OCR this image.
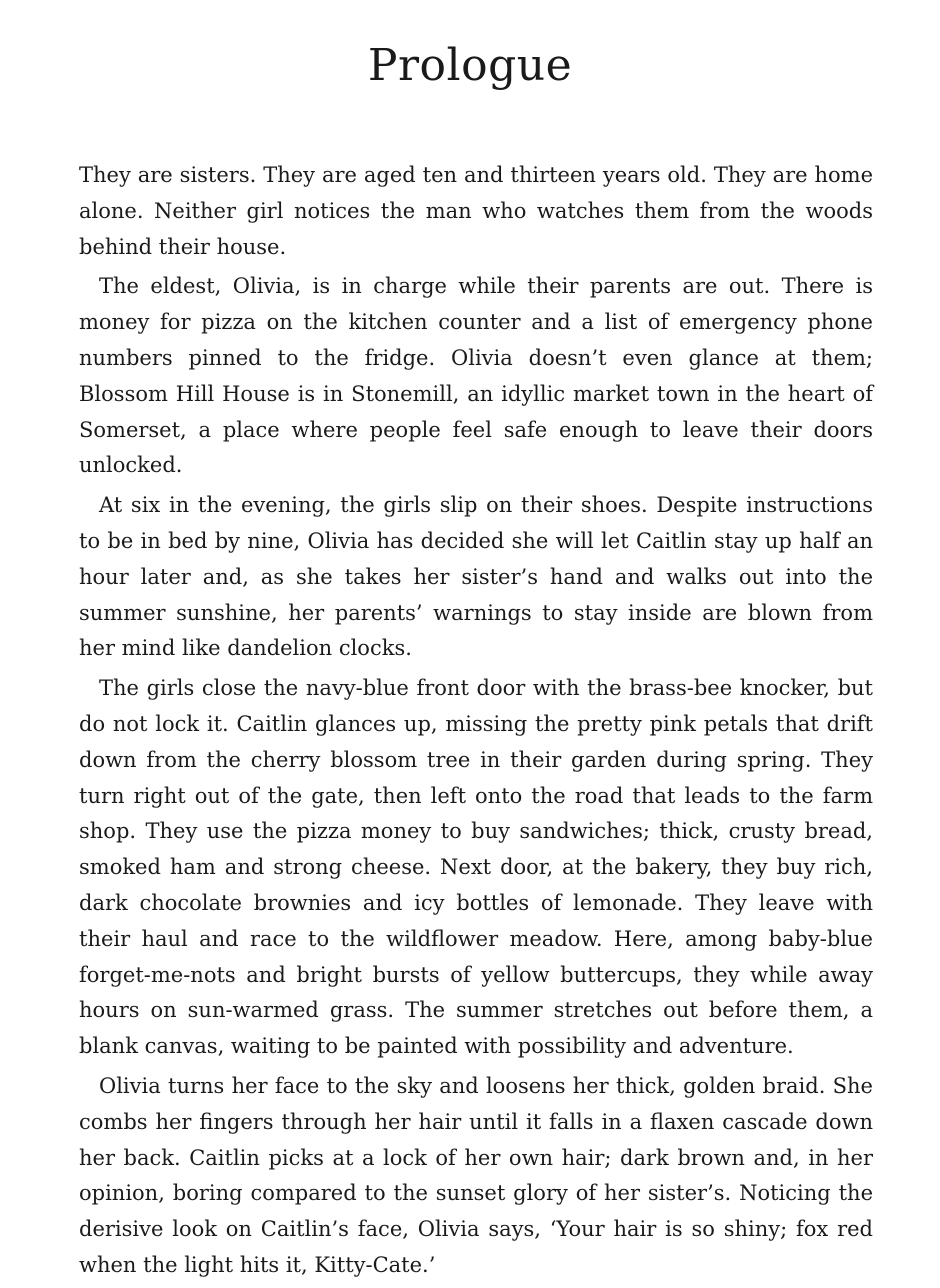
Prologue

They are sisters. They are aged ten and thirteen years old. They are home alone. Neither girl notices the man who watches them from the woods behind their house.

The eldest, Olivia, is in charge while their parents are out. There is money for pizza on the kitchen counter and a list of emergency phone numbers pinned to the fridge. Olivia doesn’t even glance at them; Blossom Hill House is in Stonemill, an idyllic market town in the heart of Somerset, a place where people feel safe enough to leave their doors unlocked.

At six in the evening, the girls slip on their shoes. Despite instructions to be in bed by nine, Olivia has decided she will let Caitlin stay up half an hour later and, as she takes her sister’s hand and walks out into the summer sunshine, her parents’ warnings to stay inside are blown from her mind like dandelion clocks.

The girls close the navy-blue front door with the brass-bee knocker, but do not lock it. Caitlin glances up, missing the pretty pink petals that drift down from the cherry blossom tree in their garden during spring. They turn right out of the gate, then left onto the road that leads to the farm shop. They use the pizza money to buy sandwiches; thick, crusty bread, smoked ham and strong cheese. Next door, at the bakery, they buy rich, dark chocolate brownies and icy bottles of lemonade. They leave with their haul and race to the wildflower meadow. Here, among baby-blue forget-me-nots and bright bursts of yellow buttercups, they while away hours on sun-warmed grass. The summer stretches out before them, a blank canvas, waiting to be painted with possibility and adventure.

Olivia turns her face to the sky and loosens her thick, golden braid. She combs her fingers through her hair until it falls in a flaxen cascade down her back. Caitlin picks at a lock of her own hair; dark brown and, in her opinion, boring compared to the sunset glory of her sister’s. Noticing the derisive look on Caitlin’s face, Olivia says, ‘Your hair is so shiny; fox red when the light hits it, Kitty-Cate.’
